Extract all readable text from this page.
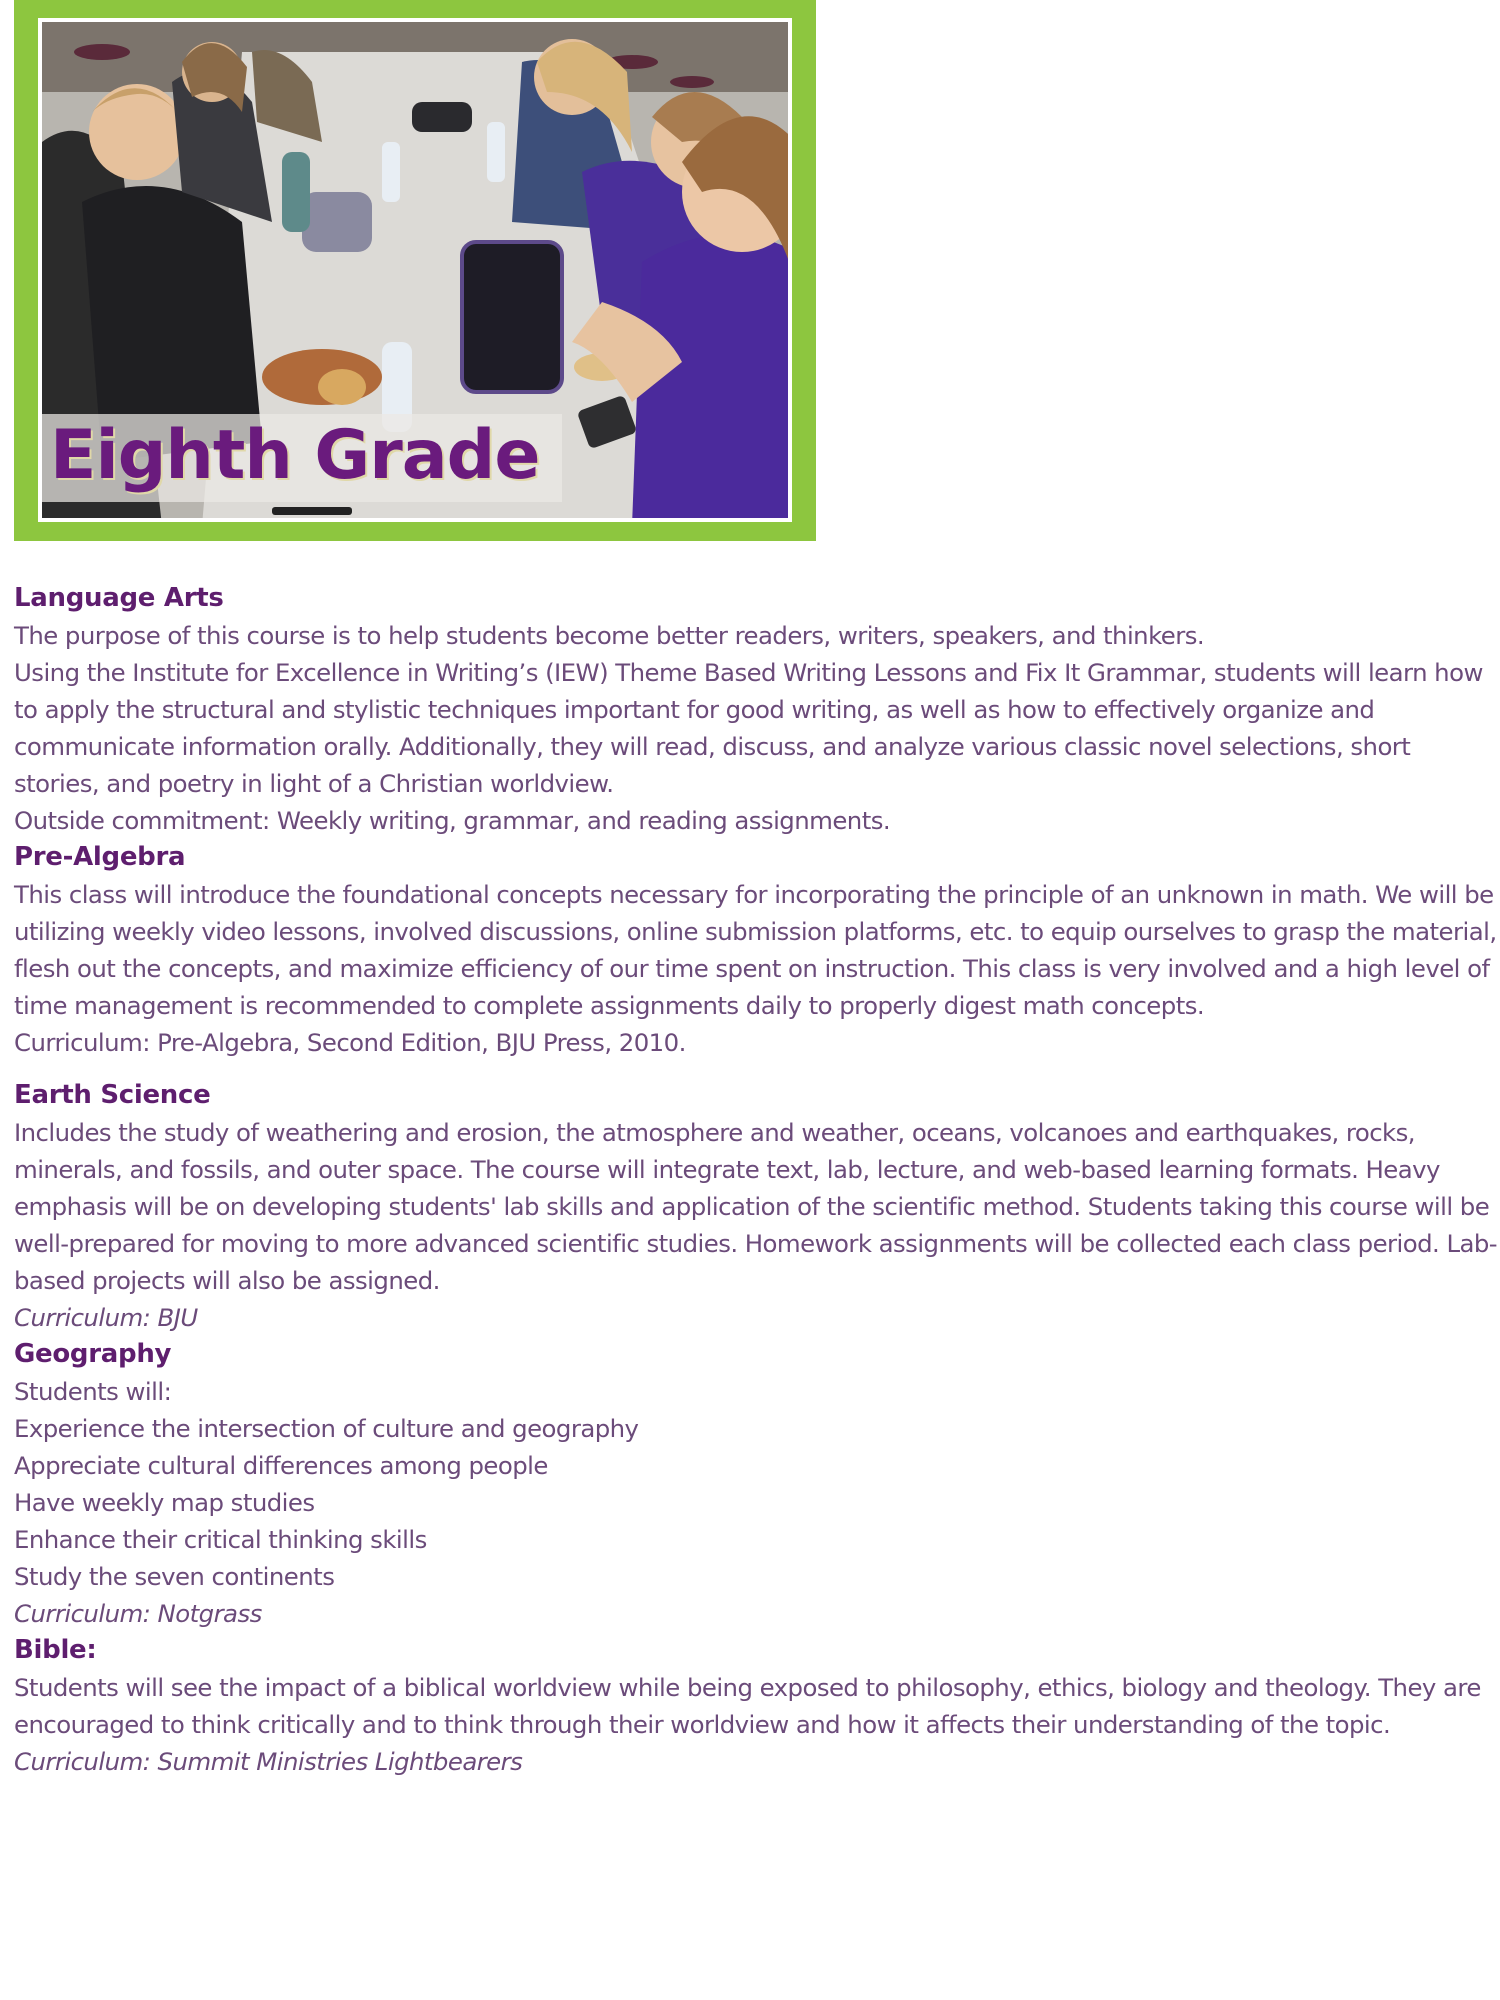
Eighth Grade
Language Arts

The purpose of this course is to help students become better readers, writers, speakers, and thinkers.

Using the Institute for Excellence in Writing’s (IEW) Theme Based Writing Lessons and Fix It Grammar, students will learn how to apply the structural and stylistic techniques important for good writing, as well as how to effectively organize and communicate information orally. Additionally, they will read, discuss, and analyze various classic novel selections, short stories, and poetry in light of a Christian worldview.

Outside commitment: Weekly writing, grammar, and reading assignments.

Pre-Algebra

This class will introduce the foundational concepts necessary for incorporating the principle of an unknown in math. We will be utilizing weekly video lessons, involved discussions, online submission platforms, etc. to equip ourselves to grasp the material, flesh out the concepts, and maximize efficiency of our time spent on instruction. This class is very involved and a high level of time management is recommended to complete assignments daily to properly digest math concepts.

Curriculum: Pre-Algebra, Second Edition, BJU Press, 2010.

Earth Science

Includes the study of weathering and erosion, the atmosphere and weather, oceans, volcanoes and earthquakes, rocks, minerals, and fossils, and outer space. The course will integrate text, lab, lecture, and web-based learning formats. Heavy emphasis will be on developing students' lab skills and application of the scientific method. Students taking this course will be well-prepared for moving to more advanced scientific studies. Homework assignments will be collected each class period. Lab-based projects will also be assigned.

Curriculum: BJU

Geography

Students will:

Experience the intersection of culture and geography

Appreciate cultural differences among people

Have weekly map studies

Enhance their critical thinking skills

Study the seven continents

Curriculum: Notgrass

Bible:

Students will see the impact of a biblical worldview while being exposed to philosophy, ethics, biology and theology. They are encouraged to think critically and to think through their worldview and how it affects their understanding of the topic.

Curriculum: Summit Ministries Lightbearers
